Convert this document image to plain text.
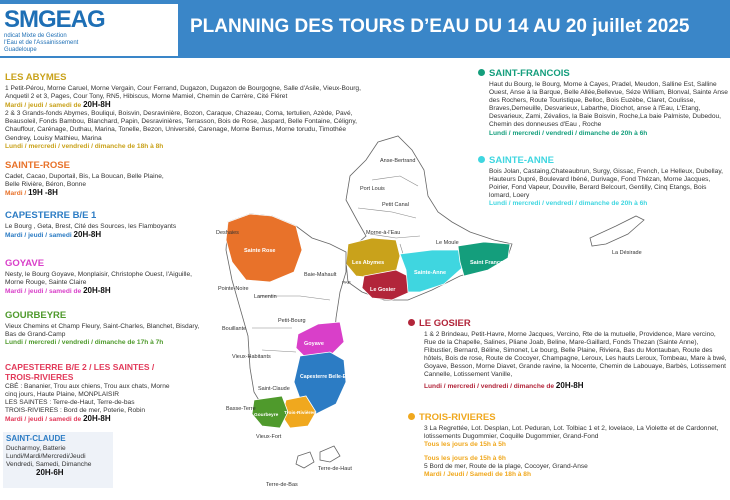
SMGEAG
ndicat Mixte de Gestion
l'Eau et de l'Assainissement
Guadeloupe
PLANNING DES TOURS D’EAU DU 14 AU 20 juillet 2025
Anse-Bertrand
Port Louis
Petit Canal
Morne-à-l'Eau
Le Moule
La Désirade
Sainte Rose
Deshaies
Pointe-Noire
Lamentin
Baie-Mahault
Les Abymes
PAP
Le Gosier
Sainte-Anne
Saint François
Petit-Bourg
Bouillante
Goyave
Vieux-Habitants
Capesterre Belle-Eau
Saint-Claude
Basse-Terre
Gourbeyre Trois-Rivières
Vieux-Fort
Terre-de-Haut
Terre-de-Bas
LES ABYMES
1 Petit-Pérou, Morne Caruel, Morne Vergain, Cour Ferrand, Dugazon, Dugazon de Bourgogne, Salle d'Asile, Vieux-Bourg, Anquetil 2 et 3, Pages, Cour Tony, RN5, Hibiscus, Morne Mamiel, Chemin de Carrère, Cité Fléret
Mardi / jeudi / samedi de 20H-8H
2 & 3 Grands-fonds Abymes, Bouliqui, Boisvin, Desravinière, Bozon, Caraque, Chazeau, Coma, tertulien, Azède, Pavé, Beausoleil, Fonds Bambou, Blanchard, Papin, Desravinières, Terrasson, Bois de Rose, Jaspard, Belle Fontaine, Céligny, Chauffour, Carénage, Duthau, Marina, Tonelle, Bezon, Université, Carenage, Morne Bernus, Morne torudu, Timothée Gendrey, Louisy Mathieu, Marina
Lundi / mercredi / vendredi / dimanche de 18h à 8h
SAINTE-ROSE
Cadet, Cacao, Duportail, Bis, La Boucan, Belle Plaine, Belle Rivière, Béron, Bonne
Mardi / 19H -8H
CAPESTERRE B/E 1
Le Bourg , Geta, Brest, Cité des Sources, les Flamboyants
Mardi / jeudi / samedi 20H-8H
GOYAVE
Nesty, le Bourg Goyave, Monplaisir, Christophe Ouest, l'Aiguille, Morne Rouge, Sainte Claire
Mardi / jeudi / samedi de 20H-8H
GOURBEYRE
Vieux Chemins et Champ Fleury, Saint-Charles, Blanchet, Bisdary, Bas de Grand-Camp
Lundi / mercredi / vendredi / dimanche de 17h à 7h
CAPESTERRE B/E 2 / LES SAINTES / TROIS-RIVIERES
CBÉ : Bananier, Trou aux chiens, Trou aux chats, Morne cinq jours, Haute Plaine, MONPLAISIR
LES SAINTES : Terre-de-Haut, Terre-de-bas
TROIS-RIVIERES : Bord de mer, Poterie, Robin
Mardi / jeudi / samedi de 20H-8H
SAINT-CLAUDE
Ducharmoy, Batterie
Lundi/Mardi/Mercredi/Jeudi
Vendredi, Samedi, Dimanche
20H-6H
SAINT-FRANCOIS
Haut du Bourg, le Bourg, Morne à Cayes, Pradel, Meudon, Salline Est, Salline Ouest, Anse à la Barque, Belle Allée,Bellevue, Séze William, Blonval, Sainte Anse des Rochers, Route Touristique, Belloc, Bois Euzèbe, Claret, Coulisse, Braves,Demeuille, Desvarieux, Labarthe, Diochot, anse à l'Eau, L'Etang, Desvarieux, Zami, Zévalios, la Baie Boisvin, Roche,La baie Palmiste, Dubedou, Chemin des donneuses d'Eau , Roche
Lundi / mercredi / vendredi / dimanche de 20h à 6h
SAINTE-ANNE
Bois Jolan, Castaing,Chateaubrun, Surgy, Gissac, French, Le Helleux, Dubellay, Hauteurs Dupré, Boulevard Ibéné, Durivage, Fond Thézan, Morne Jacques, Poirier, Fond Vapeur, Douville, Berard Belcourt, Gentilly, Cinq Etangs, Bois lomard, Loery
Lundi / mercredi / vendredi / dimanche de 20h à 6h
LE GOSIER
1 & 2 Brindeau, Petit-Havre, Morne Jacques, Vercino, Rte de la mutuelle, Providence, Mare vercino, Rue de la Chapelle, Salines, Pliane Joab, Beline, Mare-Gaillard, Fonds Thezan (Sainte Anne), Flibustier, Bernard, Béline, Simonet, Le bourg, Belle Plaine, Riviera, Bas du Montauban, Route des hôtels, Bois de rose, Route de Cocoyer, Champagne, Leroux, Les hauts Leroux, Tombeau, Mare à bwé, Goyave, Besson, Morne Diavet, Grande ravine, la Nocente, Chemin de Labouaye, Barbès, Lotissement Cannelle, Lotissement Vanille,
Lundi / mercredi / vendredi / dimanche de 20H-8H
TROIS-RIVIERES
3 La Regrettée, Lot. Desplan, Lot. Peduran, Lot. Tolbiac 1 et 2, lovelace, La Violette et de Cardonnet, lotissements Dugommier, Coquille Dugommier, Grand-Fond
Tous les jours de 15h à 5h
Tous les jours de 15h à 6h
5 Bord de mer, Route de la plage, Cocoyer, Grand-Anse
Mardi / Jeudi / Samedi de 18h à 8h
